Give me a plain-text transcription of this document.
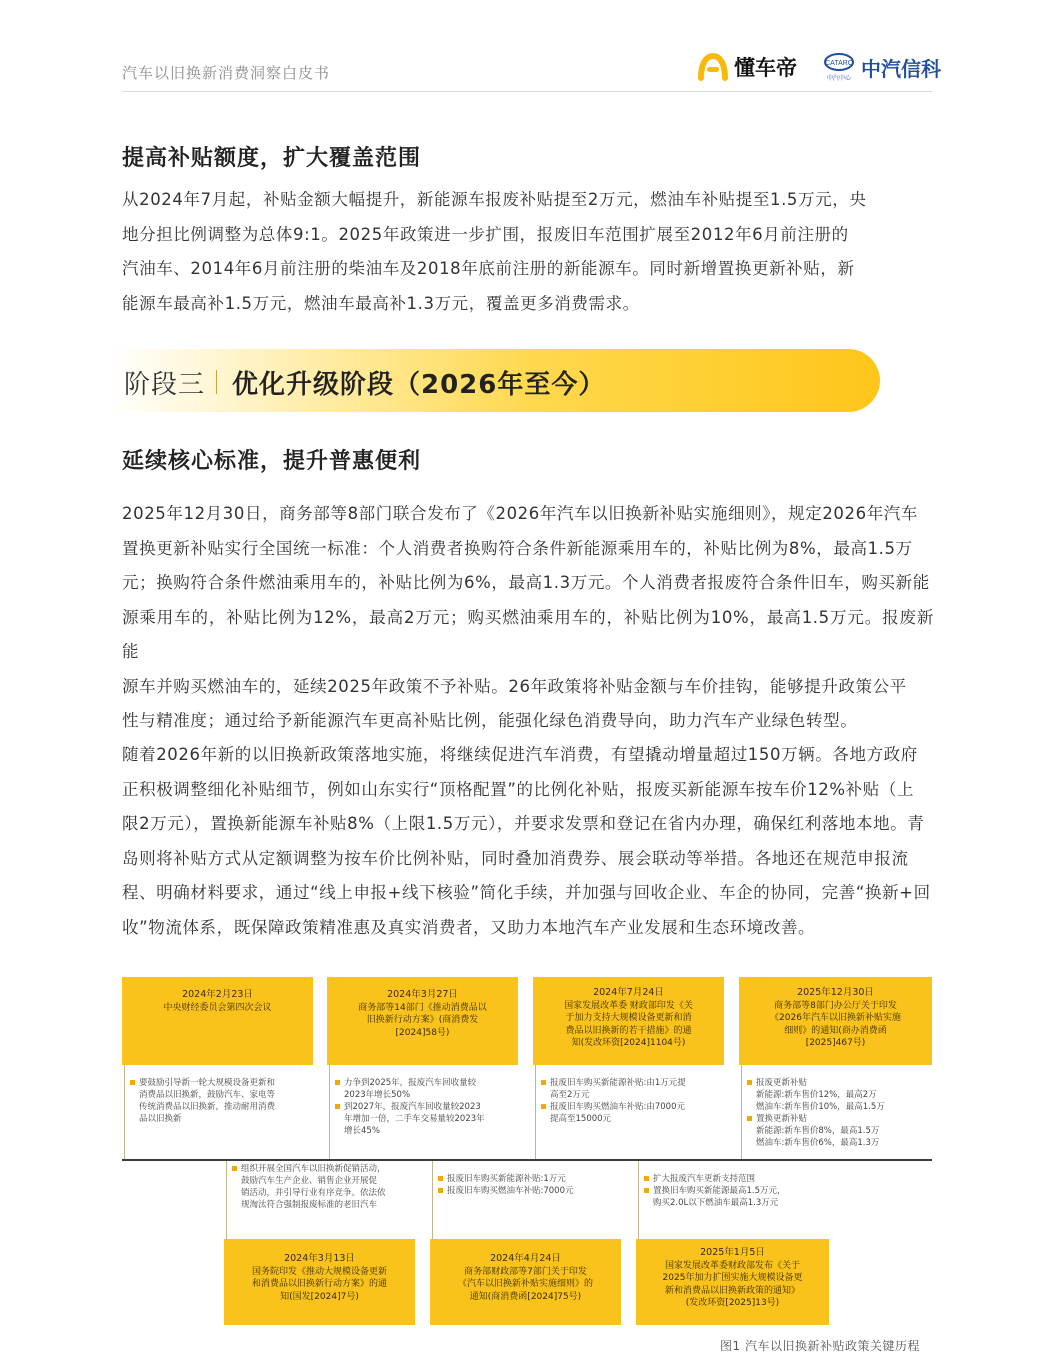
汽车以旧换新消费洞察白皮书	懂车帝	CATARC
中汽中心 中汽信科
提高补贴额度，扩大覆盖范围
从2024年7月起，补贴金额大幅提升，新能源车报废补贴提至2万元，燃油车补贴提至1.5万元，央
地分担比例调整为总体9:1。2025年政策进一步扩围，报废旧车范围扩展至2012年6月前注册的
汽油车、2014年6月前注册的柴油车及2018年底前注册的新能源车。同时新增置换更新补贴，新
能源车最高补1.5万元，燃油车最高补1.3万元，覆盖更多消费需求。
阶段三 优化升级阶段（2026年至今）
延续核心标准，提升普惠便利
2025年12月30日，商务部等8部门联合发布了《2026年汽车以旧换新补贴实施细则》，规定2026年汽车
置换更新补贴实行全国统一标准：个人消费者换购符合条件新能源乘用车的，补贴比例为8%，最高1.5万
元；换购符合条件燃油乘用车的，补贴比例为6%，最高1.3万元。个人消费者报废符合条件旧车，购买新能
源乘用车的，补贴比例为12%，最高2万元；购买燃油乘用车的，补贴比例为10%，最高1.5万元。报废新能
源车并购买燃油车的，延续2025年政策不予补贴。26年政策将补贴金额与车价挂钩，能够提升政策公平
性与精准度；通过给予新能源汽车更高补贴比例，能强化绿色消费导向，助力汽车产业绿色转型。
随着2026年新的以旧换新政策落地实施，将继续促进汽车消费，有望撬动增量超过150万辆。各地方政府
正积极调整细化补贴细节，例如山东实行“顶格配置”的比例化补贴，报废买新能源车按车价12%补贴（上
限2万元），置换新能源车补贴8%（上限1.5万元），并要求发票和登记在省内办理，确保红利落地本地。青
岛则将补贴方式从定额调整为按车价比例补贴，同时叠加消费券、展会联动等举措。各地还在规范申报流
程、明确材料要求，通过“线上申报+线下核验”简化手续，并加强与回收企业、车企的协同，完善“换新+回
收”物流体系，既保障政策精准惠及真实消费者，又助力本地汽车产业发展和生态环境改善。
2024年2月23日
中央财经委员会第四次会议
要鼓励引导新一轮大规模设备更新和
消费品以旧换新，鼓励汽车、家电等
传统消费品以旧换新，推动耐用消费
品以旧换新
2024年3月27日
商务部等14部门《推动消费品以
旧换新行动方案》(商消费发
[2024]58号)
力争到2025年，报废汽车回收量较
2023年增长50%
到2027年，报废汽车回收量较2023
年增加一倍，二手车交易量较2023年
增长45%
2024年7月24日
国家发展改革委 财政部印发《关
于加力支持大规模设备更新和消
费品以旧换新的若干措施》的通
知(发改环资[2024]1104号)
报废旧车购买新能源补贴:由1万元提
高至2万元
报废旧车购买燃油车补贴:由7000元
提高至15000元
2025年12月30日
商务部等8部门办公厅关于印发
《2026年汽车以旧换新补贴实施
细则》的通知(商办消费函
[2025]467号)
报废更新补贴
新能源:新车售价12%，最高2万
燃油车:新车售价10%，最高1.5万
置换更新补贴
新能源:新车售价8%，最高1.5万
燃油车:新车售价6%，最高1.3万
组织开展全国汽车以旧换新促销活动，
鼓励汽车生产企业、销售企业开展促
销活动，并引导行业有序竞争。依法依
规淘汰符合强制报废标准的老旧汽车
2024年3月13日
国务院印发《推动大规模设备更新
和消费品以旧换新行动方案》的通
知(国发[2024]7号)
报废旧车购买新能源补贴:1万元
报废旧车购买燃油车补贴:7000元
2024年4月24日
商务部财政部等7部门关于印发
《汽车以旧换新补贴实施细则》的
通知(商消费函[2024]75号)
扩大报废汽车更新支持范围
置换旧车购买新能源最高1.5万元，
购买2.0L以下燃油车最高1.3万元
2025年1月5日
国家发展改革委财政部发布《关于
2025年加力扩围实施大规模设备更
新和消费品以旧换新政策的通知》
(发改环资[2025]13号)
图1 汽车以旧换新补贴政策关键历程
